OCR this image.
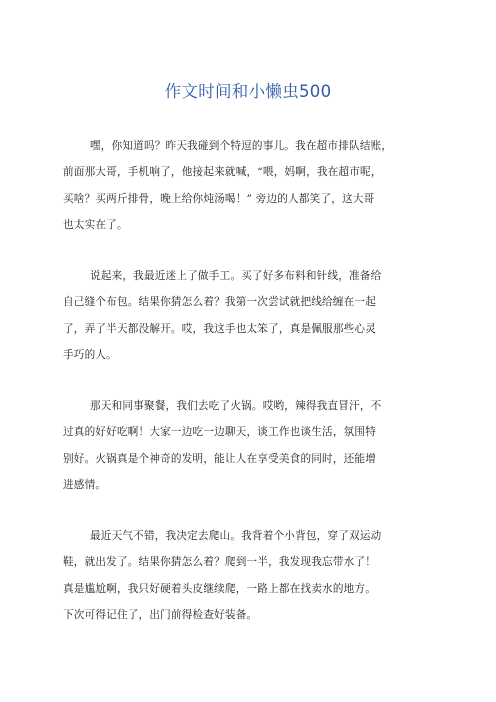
作文时间和小懒虫500
嘿，你知道吗？昨天我碰到个特逗的事儿。我在超市排队结账，
前面那大哥，手机响了，他接起来就喊，“喂，妈啊，我在超市呢，
买啥？买两斤排骨，晚上给你炖汤喝！” 旁边的人都笑了，这大哥
也太实在了。
说起来，我最近迷上了做手工。买了好多布料和针线，准备给
自己缝个布包。结果你猜怎么着？我第一次尝试就把线给缠在一起
了，弄了半天都没解开。哎，我这手也太笨了，真是佩服那些心灵
手巧的人。
那天和同事聚餐，我们去吃了火锅。哎哟，辣得我直冒汗，不
过真的好好吃啊！大家一边吃一边聊天，谈工作也谈生活，氛围特
别好。火锅真是个神奇的发明，能让人在享受美食的同时，还能增
进感情。
最近天气不错，我决定去爬山。我背着个小背包，穿了双运动
鞋，就出发了。结果你猜怎么着？爬到一半，我发现我忘带水了！
真是尴尬啊，我只好硬着头皮继续爬，一路上都在找卖水的地方。
下次可得记住了，出门前得检查好装备。
